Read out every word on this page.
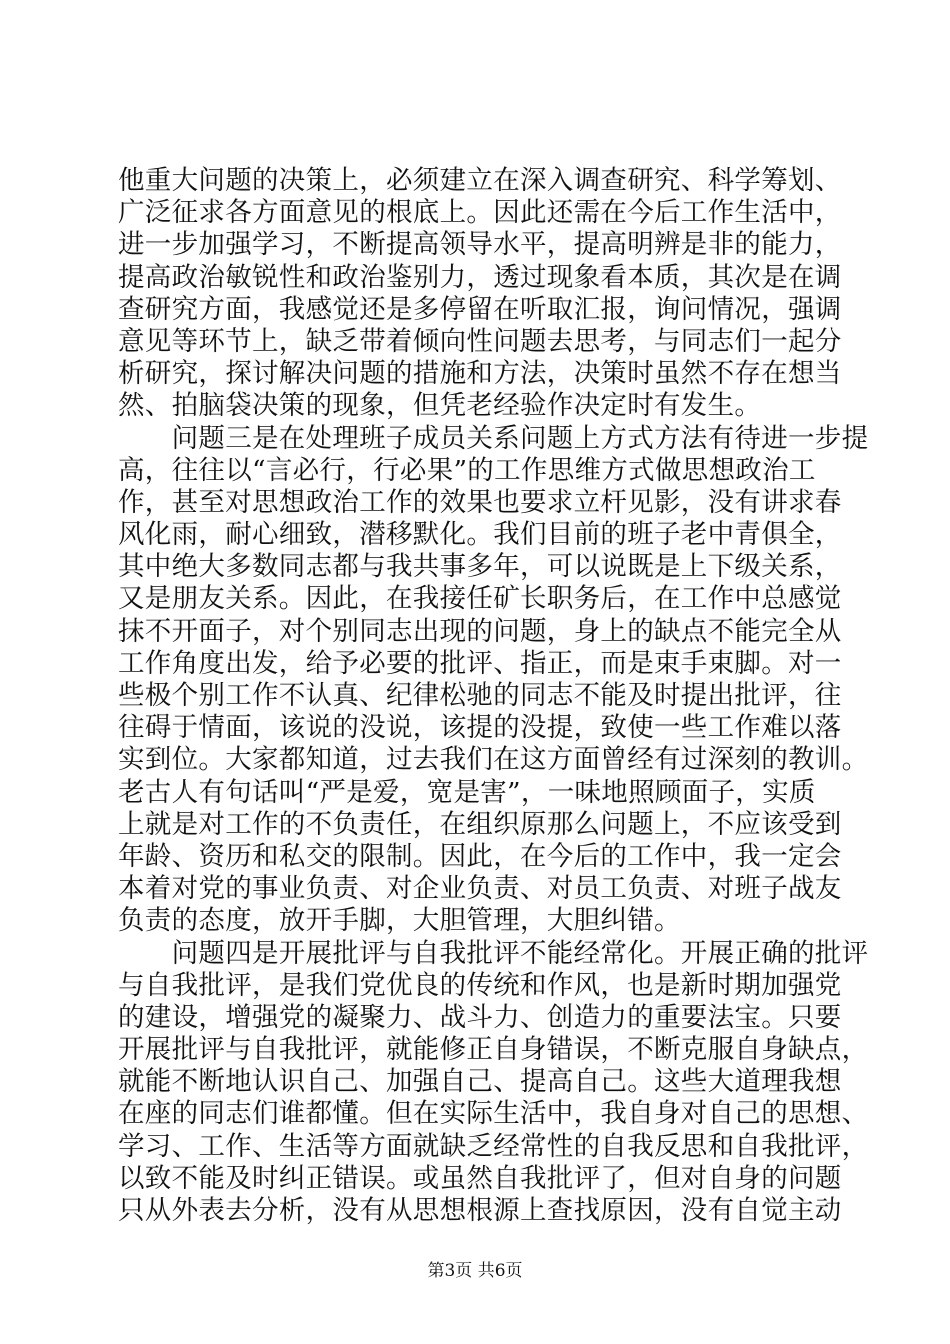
他重大问题的决策上，必须建立在深入调查研究、科学筹划、
广泛征求各方面意见的根底上。因此还需在今后工作生活中，
进一步加强学习，不断提高领导水平，提高明辨是非的能力，
提高政治敏锐性和政治鉴别力，透过现象看本质，其次是在调
查研究方面，我感觉还是多停留在听取汇报，询问情况，强调
意见等环节上，缺乏带着倾向性问题去思考，与同志们一起分
析研究，探讨解决问题的措施和方法，决策时虽然不存在想当
然、拍脑袋决策的现象，但凭老经验作决定时有发生。
　　问题三是在处理班子成员关系问题上方式方法有待进一步提
高，往往以“言必行，行必果”的工作思维方式做思想政治工
作，甚至对思想政治工作的效果也要求立杆见影，没有讲求春
风化雨，耐心细致，潜移默化。我们目前的班子老中青俱全，
其中绝大多数同志都与我共事多年，可以说既是上下级关系，
又是朋友关系。因此，在我接任矿长职务后，在工作中总感觉
抹不开面子，对个别同志出现的问题，身上的缺点不能完全从
工作角度出发，给予必要的批评、指正，而是束手束脚。对一
些极个别工作不认真、纪律松驰的同志不能及时提出批评，往
往碍于情面，该说的没说，该提的没提，致使一些工作难以落
实到位。大家都知道，过去我们在这方面曾经有过深刻的教训。
老古人有句话叫“严是爱，宽是害”，一味地照顾面子，实质
上就是对工作的不负责任，在组织原那么问题上，不应该受到
年龄、资历和私交的限制。因此，在今后的工作中，我一定会
本着对党的事业负责、对企业负责、对员工负责、对班子战友
负责的态度，放开手脚，大胆管理，大胆纠错。
　　问题四是开展批评与自我批评不能经常化。开展正确的批评
与自我批评，是我们党优良的传统和作风，也是新时期加强党
的建设，增强党的凝聚力、战斗力、创造力的重要法宝。只要
开展批评与自我批评，就能修正自身错误，不断克服自身缺点，
就能不断地认识自己、加强自己、提高自己。这些大道理我想
在座的同志们谁都懂。但在实际生活中，我自身对自己的思想、
学习、工作、生活等方面就缺乏经常性的自我反思和自我批评，
以致不能及时纠正错误。或虽然自我批评了，但对自身的问题
只从外表去分析，没有从思想根源上查找原因，没有自觉主动
第3页 共6页
